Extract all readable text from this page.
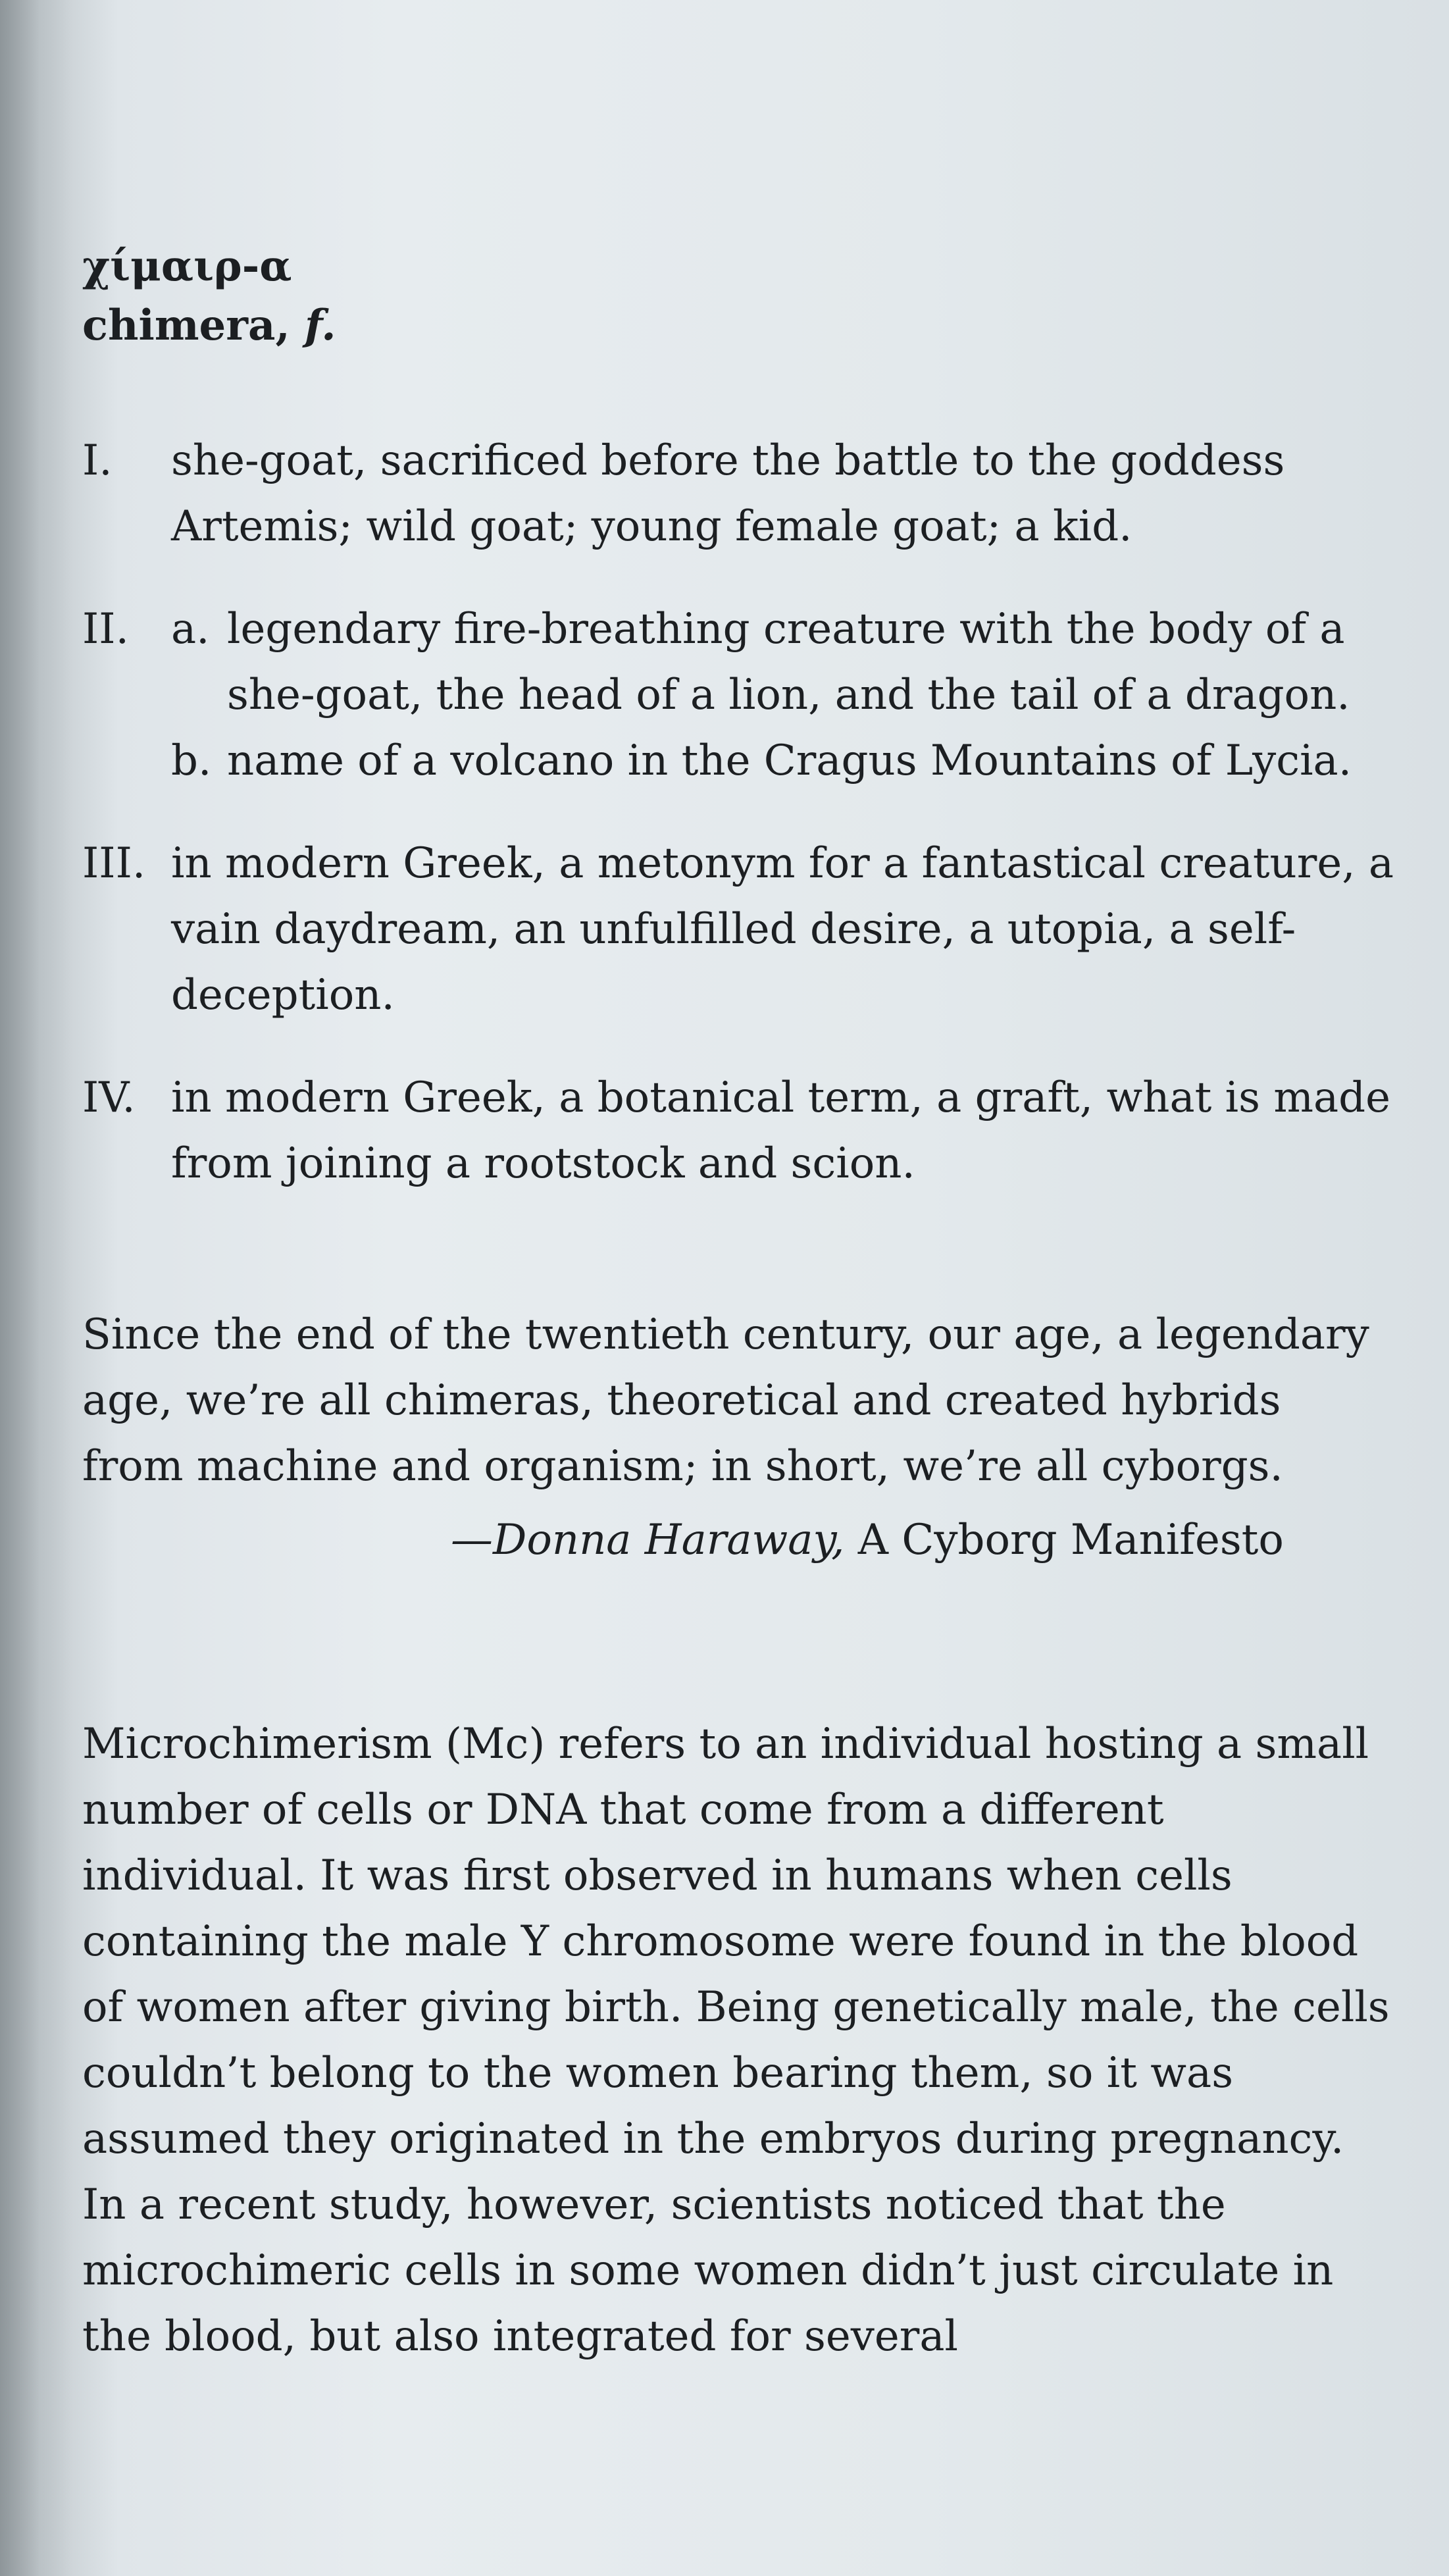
χίμαιρ-α
chimera, f.
I.	she-goat, sacrificed before the battle to the goddess Artemis; wild goat; young female goat; a kid.

II.	a. legendary fire-breathing creature with the body of a she-goat, the head of a lion, and the tail of a dragon.

b. name of a volcano in the Cragus Mountains of Lycia.

III. in modern Greek, a metonym for a fantastical creature, a vain daydream, an unfulfilled desire, a utopia, a self-deception.

IV. in modern Greek, a botanical term, a graft, what is made from joining a rootstock and scion.

Since the end of the twentieth century, our age, a legendary age, we’re all chimeras, theoretical and created hybrids from machine and organism; in short, we’re all cyborgs.

—Donna Haraway, A Cyborg Manifesto

Microchimerism (Mc) refers to an individual hosting a small number of cells or DNA that come from a different individual. It was first observed in humans when cells containing the male Y chromosome were found in the blood of women after giving birth. Being genetically male, the cells couldn’t belong to the women bearing them, so it was assumed they originated in the embryos during pregnancy. In a recent study, however, scientists noticed that the microchimeric cells in some women didn’t just circulate in the blood, but also integrated for several
